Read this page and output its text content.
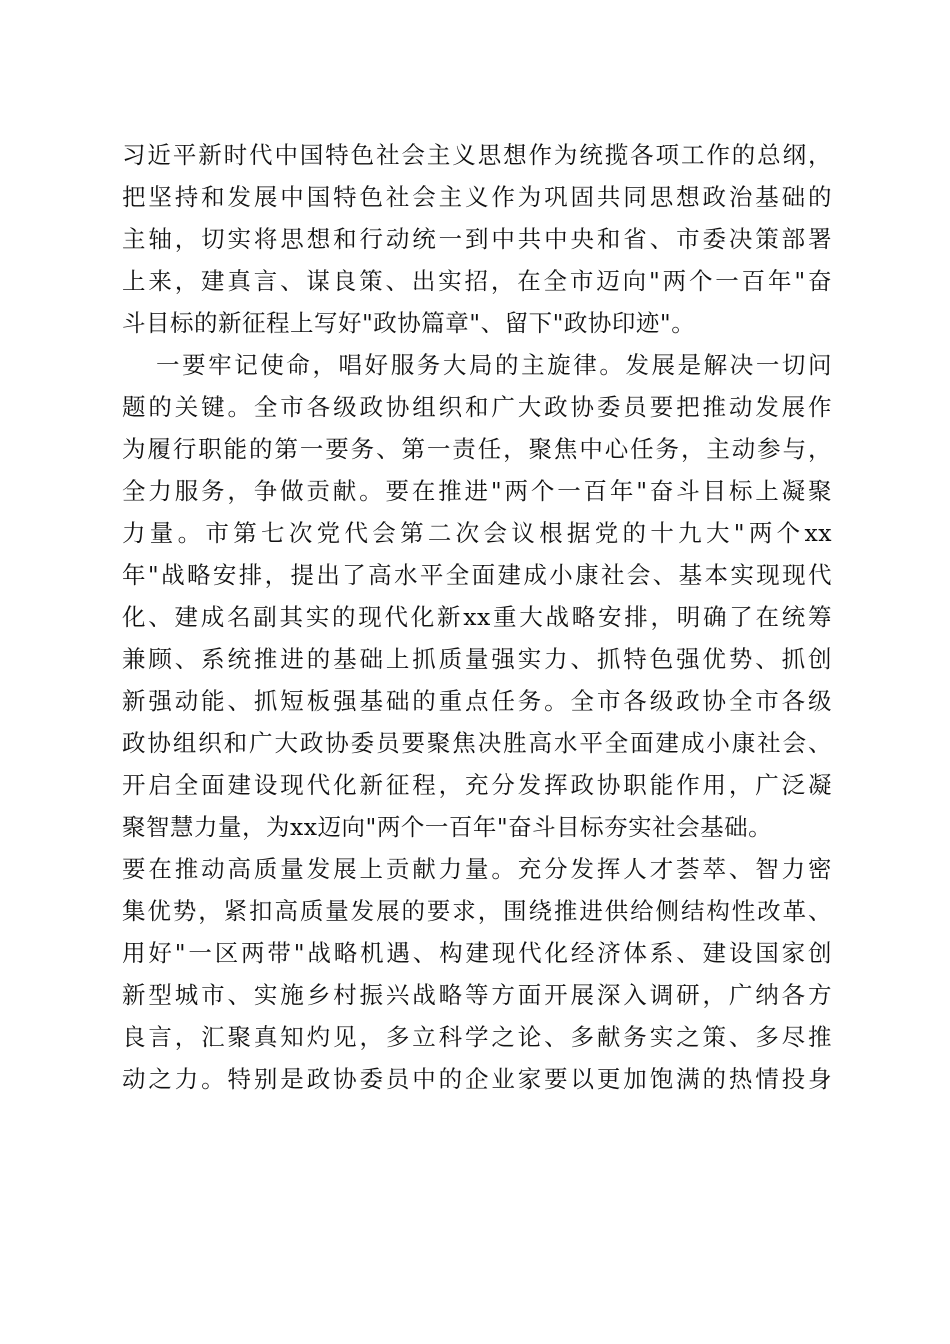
习近平新时代中国特色社会主义思想作为统揽各项工作的总纲，
把坚持和发展中国特色社会主义作为巩固共同思想政治基础的
主轴，切实将思想和行动统一到中共中央和省、市委决策部署
上来，建真言、谋良策、出实招，在全市迈向"两个一百年"奋
斗目标的新征程上写好"政协篇章"、留下"政协印迹"。
一要牢记使命，唱好服务大局的主旋律。发展是解决一切问
题的关键。全市各级政协组织和广大政协委员要把推动发展作
为履行职能的第一要务、第一责任，聚焦中心任务，主动参与，
全力服务，争做贡献。要在推进"两个一百年"奋斗目标上凝聚
力量。市第七次党代会第二次会议根据党的十九大"两个xx
年"战略安排，提出了高水平全面建成小康社会、基本实现现代
化、建成名副其实的现代化新xx重大战略安排，明确了在统筹
兼顾、系统推进的基础上抓质量强实力、抓特色强优势、抓创
新强动能、抓短板强基础的重点任务。全市各级政协全市各级
政协组织和广大政协委员要聚焦决胜高水平全面建成小康社会、
开启全面建设现代化新征程，充分发挥政协职能作用，广泛凝
聚智慧力量，为xx迈向"两个一百年"奋斗目标夯实社会基础。
要在推动高质量发展上贡献力量。充分发挥人才荟萃、智力密
集优势，紧扣高质量发展的要求，围绕推进供给侧结构性改革、
用好"一区两带"战略机遇、构建现代化经济体系、建设国家创
新型城市、实施乡村振兴战略等方面开展深入调研，广纳各方
良言，汇聚真知灼见，多立科学之论、多献务实之策、多尽推
动之力。特别是政协委员中的企业家要以更加饱满的热情投身
